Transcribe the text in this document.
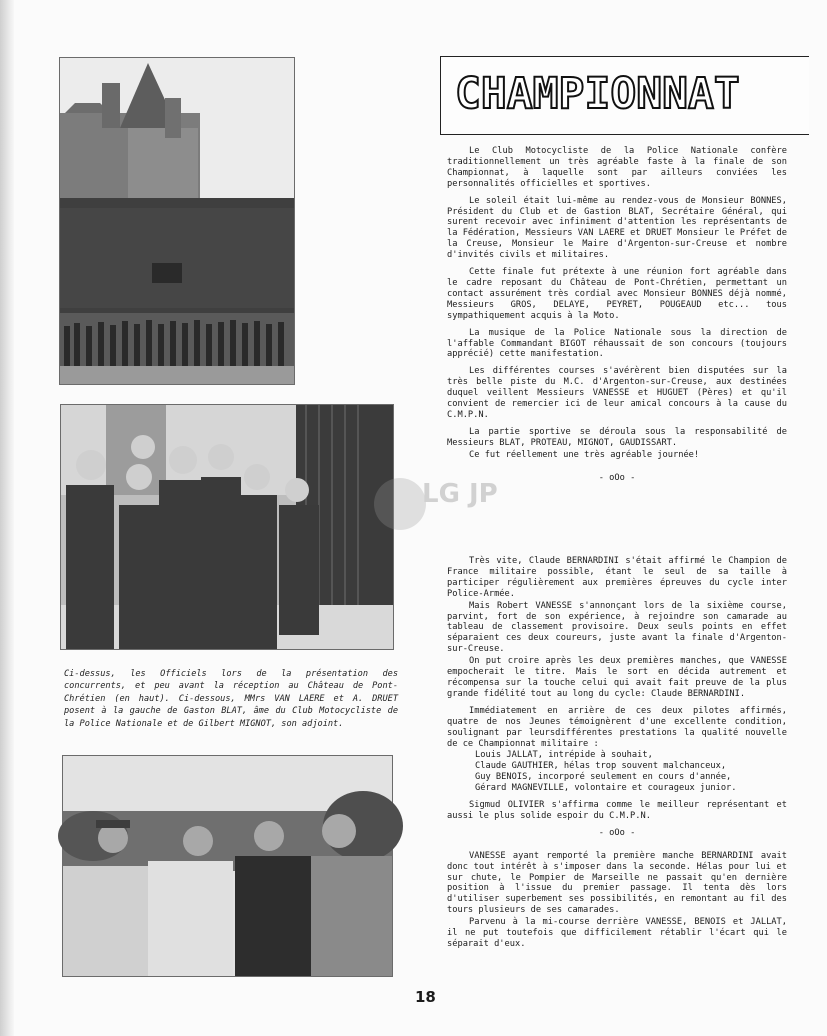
Ci-dessus, les Officiels lors de la présentation des concurrents, et peu avant la réception au Château de Pont- Chrétien (en haut). Ci-dessous, MMrs VAN LAERE et A. DRUET posent à la gauche de Gaston BLAT, âme du Club Motocycliste de la Police Nationale et de Gilbert MIGNOT, son adjoint.
CHAMPIONNAT
LG JP

Le Club Motocycliste de la Police Nationale confère traditionnellement un très agréable faste à la finale de son Championnat, à laquelle sont par ailleurs conviées les personnalités officielles et sportives.

Le soleil était lui-même au rendez-vous de Monsieur BONNES, Président du Club et de Gastion BLAT, Secrétaire Général, qui surent recevoir avec infiniment d'attention les représentants de la Fédération, Messieurs VAN LAERE et DRUET Monsieur le Préfet de la Creuse, Monsieur le Maire d'Argenton-sur-Creuse et nombre d'invités civils et militaires.

Cette finale fut prétexte à une réunion fort agréable dans le cadre reposant du Château de Pont-Chrétien, permettant un contact assurément très cordial avec Monsieur BONNES déjà nommé, Messieurs GROS, DELAYE, PEYRET, POUGEAUD etc... tous sympathiquement acquis à la Moto.

La musique de la Police Nationale sous la direction de l'affable Commandant BIGOT réhaussait de son concours (toujours apprécié) cette manifestation.

Les différentes courses s'avérèrent bien disputées sur la très belle piste du M.C. d'Argenton-sur-Creuse, aux destinées duquel veillent Messieurs VANESSE et HUGUET (Pères) et qu'il convient de remercier ici de leur amical concours à la cause du C.M.P.N.

La partie sportive se déroula sous la responsabilité de Messieurs BLAT, PROTEAU, MIGNOT, GAUDISSART.

Ce fut réellement une très agréable journée!

- oOo -

Très vite, Claude BERNARDINI s'était affirmé le Champion de France militaire possible, étant le seul de sa taille à participer régulièrement aux premières épreuves du cycle inter Police-Armée.

Mais Robert VANESSE s'annonçant lors de la sixième course, parvint, fort de son expérience, à rejoindre son camarade au tableau de classement provisoire. Deux seuls points en effet séparaient ces deux coureurs, juste avant la finale d'Argenton-sur-Creuse.

On put croire après les deux premières manches, que VANESSE empocherait le titre. Mais le sort en décida autrement et récompensa sur la touche celui qui avait fait preuve de la plus grande fidélité tout au long du cycle: Claude BERNARDINI.

Immédiatement en arrière de ces deux pilotes affirmés, quatre de nos Jeunes témoignèrent d'une excellente condition, soulignant par leursdifférentes prestations la qualité nouvelle de ce Championnat militaire :

Louis JALLAT, intrépide à souhait,
Claude GAUTHIER, hélas trop souvent malchanceux,
Guy BENOIS, incorporé seulement en cours d'année,
Gérard MAGNEVILLE, volontaire et courageux junior.

Sigmud OLIVIER s'affirma comme le meilleur représentant et aussi le plus solide espoir du C.M.P.N.

- oOo -

VANESSE ayant remporté la première manche BERNARDINI avait donc tout intérêt à s'imposer dans la seconde. Hélas pour lui et sur chute, le Pompier de Marseille ne passait qu'en dernière position à l'issue du premier passage. Il tenta dès lors d'utiliser superbement ses possibilités, en remontant au fil des tours plusieurs de ses camarades.

Parvenu à la mi-course derrière VANESSE, BENOIS et JALLAT, il ne put toutefois que difficilement rétablir l'écart qui le séparait d'eux.

18
